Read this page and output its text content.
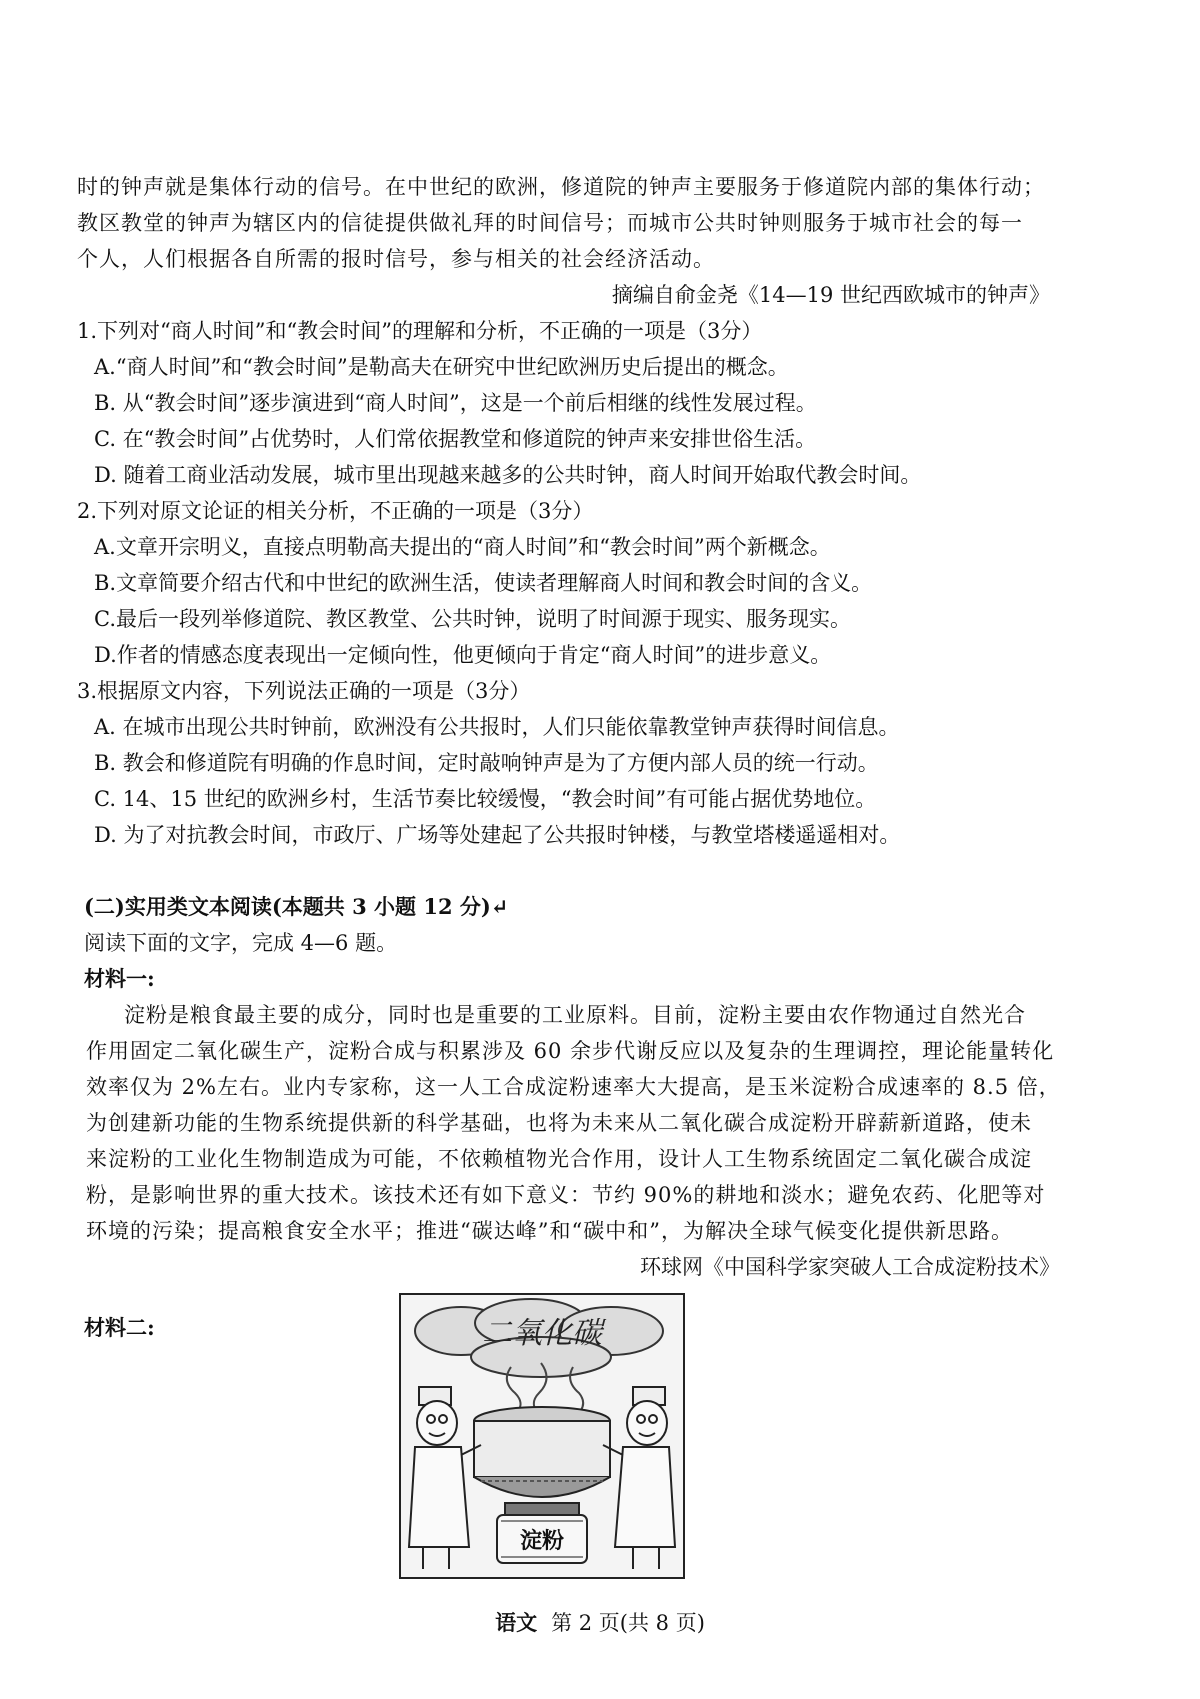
时的钟声就是集体行动的信号。在中世纪的欧洲，修道院的钟声主要服务于修道院内部的集体行动；
教区教堂的钟声为辖区内的信徒提供做礼拜的时间信号；而城市公共时钟则服务于城市社会的每一
个人，人们根据各自所需的报时信号，参与相关的社会经济活动。
摘编自俞金尧《14—19 世纪西欧城市的钟声》
1.下列对“商人时间”和“教会时间”的理解和分析，不正确的一项是（3分）
A.“商人时间”和“教会时间”是勒高夫在研究中世纪欧洲历史后提出的概念。
B. 从“教会时间”逐步演进到“商人时间”，这是一个前后相继的线性发展过程。
C. 在“教会时间”占优势时，人们常依据教堂和修道院的钟声来安排世俗生活。
D. 随着工商业活动发展，城市里出现越来越多的公共时钟，商人时间开始取代教会时间。
2.下列对原文论证的相关分析，不正确的一项是（3分）
A.文章开宗明义，直接点明勒高夫提出的“商人时间”和“教会时间”两个新概念。
B.文章简要介绍古代和中世纪的欧洲生活，使读者理解商人时间和教会时间的含义。
C.最后一段列举修道院、教区教堂、公共时钟，说明了时间源于现实、服务现实。
D.作者的情感态度表现出一定倾向性，他更倾向于肯定“商人时间”的进步意义。
3.根据原文内容，下列说法正确的一项是（3分）
A. 在城市出现公共时钟前，欧洲没有公共报时，人们只能依靠教堂钟声获得时间信息。
B. 教会和修道院有明确的作息时间，定时敲响钟声是为了方便内部人员的统一行动。
C. 14、15 世纪的欧洲乡村，生活节奏比较缓慢，“教会时间”有可能占据优势地位。
D. 为了对抗教会时间，市政厅、广场等处建起了公共报时钟楼，与教堂塔楼遥遥相对。
(二)实用类文本阅读(本题共 3 小题 12 分)↵
阅读下面的文字，完成 4—6 题。
材料一:
淀粉是粮食最主要的成分，同时也是重要的工业原料。目前，淀粉主要由农作物通过自然光合
作用固定二氧化碳生产，淀粉合成与积累涉及 60 余步代谢反应以及复杂的生理调控，理论能量转化
效率仅为 2%左右。业内专家称，这一人工合成淀粉速率大大提高，是玉米淀粉合成速率的 8.5 倍，
为创建新功能的生物系统提供新的科学基础，也将为未来从二氧化碳合成淀粉开辟薪新道路，使未
来淀粉的工业化生物制造成为可能，不依赖植物光合作用，设计人工生物系统固定二氧化碳合成淀
粉，是影响世界的重大技术。该技术还有如下意义：节约 90%的耕地和淡水；避免农药、化肥等对
环境的污染；提高粮食安全水平；推进“碳达峰”和“碳中和”，为解决全球气候变化提供新思路。
环球网《中国科学家突破人工合成淀粉技术》
材料二:	二氧化碳
淀粉
语文 第 2 页(共 8 页)
